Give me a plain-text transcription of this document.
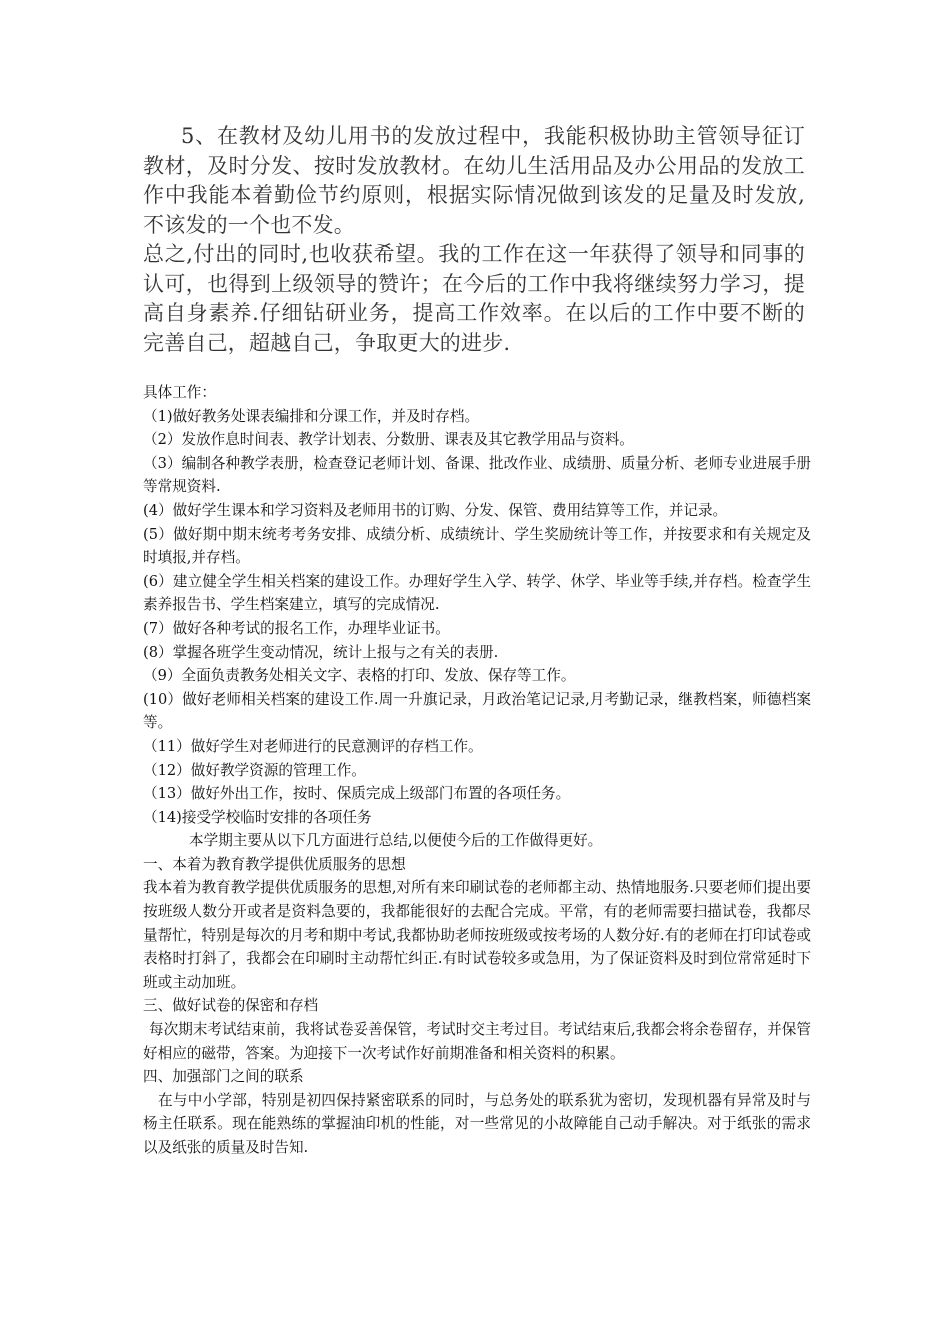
5、在教材及幼儿用书的发放过程中，我能积极协助主管领导征订教材，及时分发、按时发放教材。在幼儿生活用品及办公用品的发放工作中我能本着勤俭节约原则，根据实际情况做到该发的足量及时发放,不该发的一个也不发。

总之,付出的同时,也收获希望。我的工作在这一年获得了领导和同事的认可，也得到上级领导的赞许；在今后的工作中我将继续努力学习，提高自身素养.仔细钻研业务，提高工作效率。在以后的工作中要不断的完善自己，超越自己，争取更大的进步.

具体工作：

（1)做好教务处课表编排和分课工作，并及时存档。

（2）发放作息时间表、教学计划表、分数册、课表及其它教学用品与资料。

（3）编制各种教学表册，检查登记老师计划、备课、批改作业、成绩册、质量分析、老师专业进展手册等常规资料.

(4）做好学生课本和学习资料及老师用书的订购、分发、保管、费用结算等工作，并记录。

(5）做好期中期末统考考务安排、成绩分析、成绩统计、学生奖励统计等工作，并按要求和有关规定及时填报,并存档。

(6）建立健全学生相关档案的建设工作。办理好学生入学、转学、休学、毕业等手续,并存档。检查学生素养报告书、学生档案建立，填写的完成情况.

(7）做好各种考试的报名工作，办理毕业证书。

(8）掌握各班学生变动情况，统计上报与之有关的表册.

（9）全面负责教务处相关文字、表格的打印、发放、保存等工作。

(10）做好老师相关档案的建设工作.周一升旗记录，月政治笔记记录,月考勤记录，继教档案，师德档案等。

（11）做好学生对老师进行的民意测评的存档工作。

（12）做好教学资源的管理工作。

（13）做好外出工作，按时、保质完成上级部门布置的各项任务。

（14)接受学校临时安排的各项任务

本学期主要从以下几方面进行总结,以便使今后的工作做得更好。

一、本着为教育教学提供优质服务的思想

我本着为教育教学提供优质服务的思想,对所有来印刷试卷的老师都主动、热情地服务.只要老师们提出要按班级人数分开或者是资料急要的，我都能很好的去配合完成。平常，有的老师需要扫描试卷，我都尽量帮忙，特别是每次的月考和期中考试,我都协助老师按班级或按考场的人数分好.有的老师在打印试卷或表格时打斜了，我都会在印刷时主动帮忙纠正.有时试卷较多或急用，为了保证资料及时到位常常延时下班或主动加班。

三、做好试卷的保密和存档

每次期末考试结束前，我将试卷妥善保管，考试时交主考过目。考试结束后,我都会将余卷留存，并保管好相应的磁带，答案。为迎接下一次考试作好前期准备和相关资料的积累。

四、加强部门之间的联系

在与中小学部，特别是初四保持紧密联系的同时，与总务处的联系犹为密切，发现机器有异常及时与杨主任联系。现在能熟练的掌握油印机的性能，对一些常见的小故障能自己动手解决。对于纸张的需求以及纸张的质量及时告知.
